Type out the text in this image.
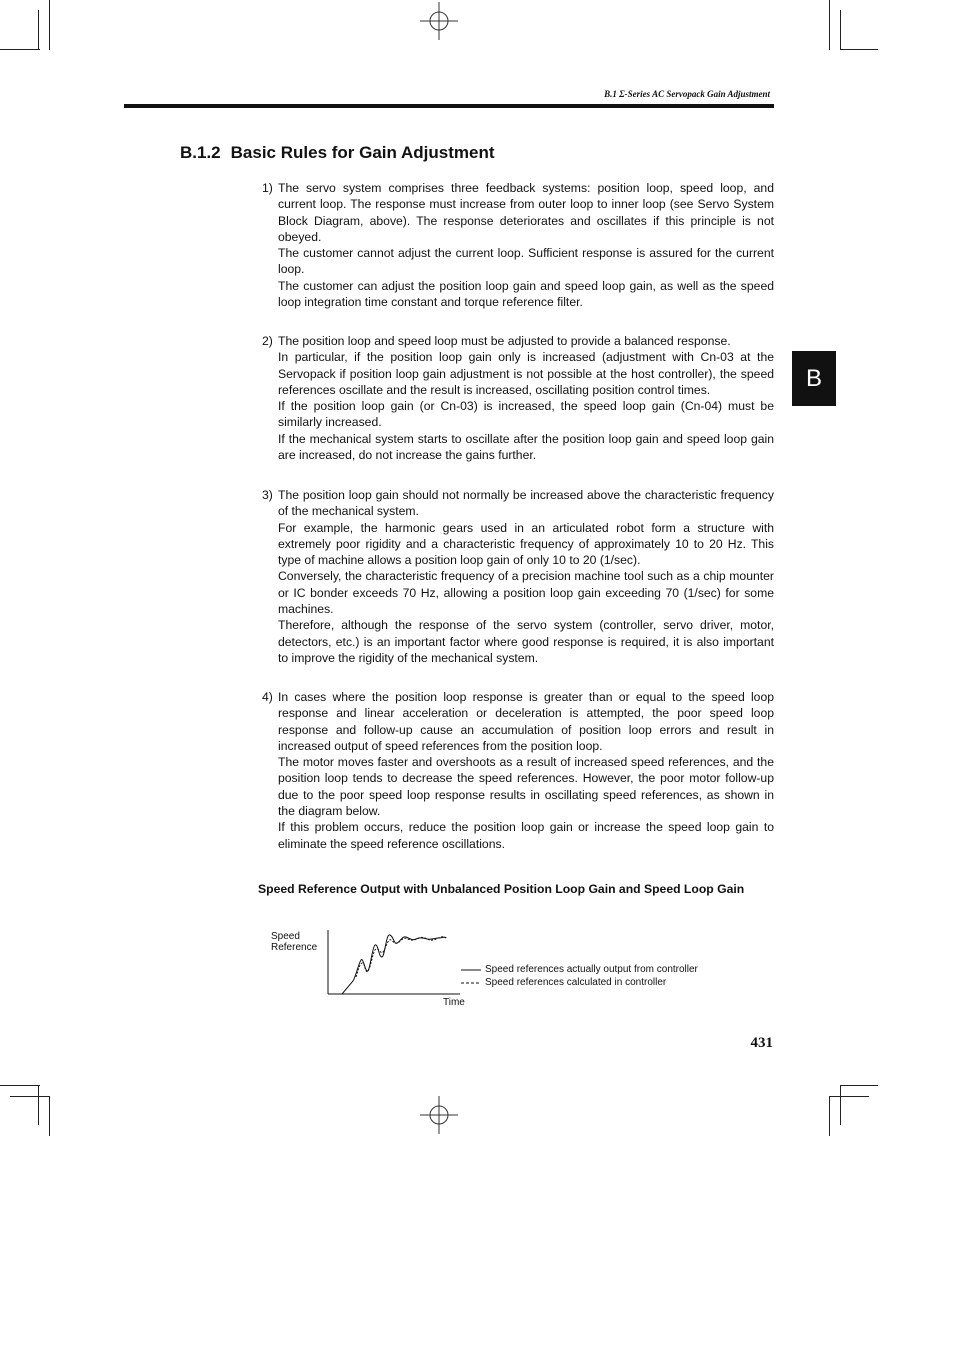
B.1 Σ-Series AC Servopack Gain Adjustment
B.1.2 Basic Rules for Gain Adjustment
B
1) The servo system comprises three feedback systems: position loop, speed loop, and current loop. The response must increase from outer loop to inner loop (see Servo System Block Diagram, above). The response deteriorates and oscillates if this principle is not obeyed.

The customer cannot adjust the current loop. Sufficient response is assured for the current loop.

The customer can adjust the position loop gain and speed loop gain, as well as the speed loop integration time constant and torque reference filter.

2) The position loop and speed loop must be adjusted to provide a balanced response.

In particular, if the position loop gain only is increased (adjustment with Cn-03 at the Servopack if position loop gain adjustment is not possible at the host controller), the speed references oscillate and the result is increased, oscillating position control times.

If the position loop gain (or Cn-03) is increased, the speed loop gain (Cn-04) must be similarly increased.

If the mechanical system starts to oscillate after the position loop gain and speed loop gain are increased, do not increase the gains further.

3) The position loop gain should not normally be increased above the characteristic frequency of the mechanical system.

For example, the harmonic gears used in an articulated robot form a structure with extremely poor rigidity and a characteristic frequency of approximately 10 to 20 Hz. This type of machine allows a position loop gain of only 10 to 20 (1/sec).

Conversely, the characteristic frequency of a precision machine tool such as a chip mounter or IC bonder exceeds 70 Hz, allowing a position loop gain exceeding 70 (1/sec) for some machines.

Therefore, although the response of the servo system (controller, servo driver, motor, detectors, etc.) is an important factor where good response is required, it is also important to improve the rigidity of the mechanical system.

4) In cases where the position loop response is greater than or equal to the speed loop response and linear acceleration or deceleration is attempted, the poor speed loop response and follow-up cause an accumulation of position loop errors and result in increased output of speed references from the position loop.

The motor moves faster and overshoots as a result of increased speed references, and the position loop tends to decrease the speed references. However, the poor motor follow-up due to the poor speed loop response results in oscillating speed references, as shown in the diagram below.

If this problem occurs, reduce the position loop gain or increase the speed loop gain to eliminate the speed reference oscillations.

Speed Reference Output with Unbalanced Position Loop Gain and Speed Loop Gain
Speed
Reference
Time
Speed references actually output from controller
Speed references calculated in controller
431
